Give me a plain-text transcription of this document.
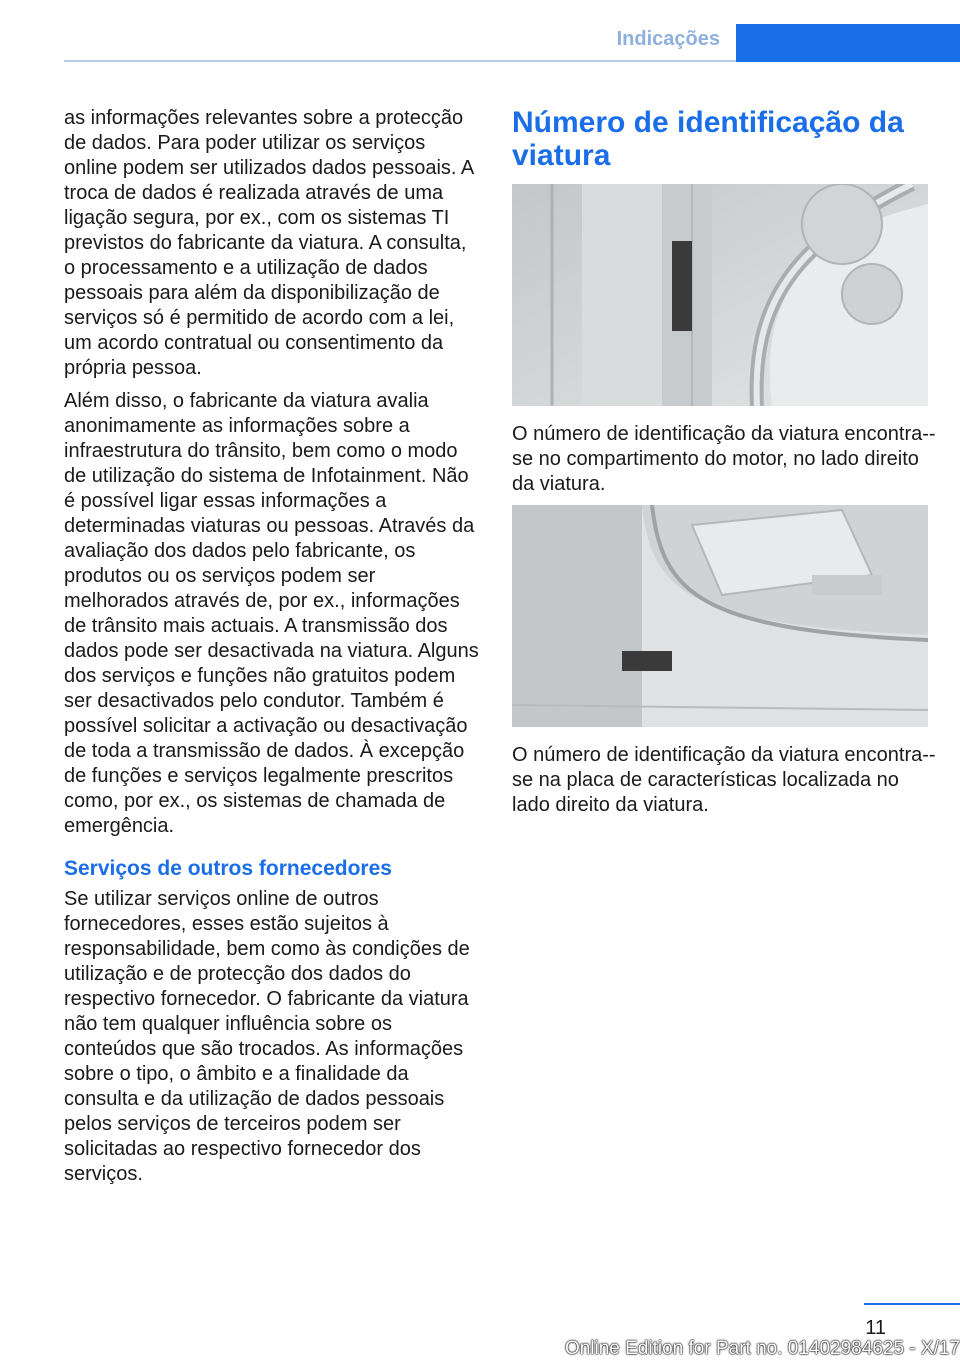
Indicações

as informações relevantes sobre a protecção de dados. Para poder utilizar os serviços online podem ser utilizados dados pessoais. A troca de dados é realizada através de uma ligação segura, por ex., com os sistemas TI previstos do fabricante da viatura. A consulta, o processamento e a utilização de dados pessoais para além da disponibilização de serviços só é permitido de acordo com a lei, um acordo contratual ou consentimento da própria pessoa.

Além disso, o fabricante da viatura avalia anonimamente as informações sobre a infraestrutura do trânsito, bem como o modo de utilização do sistema de Infotainment. Não é possível ligar essas informações a determinadas viaturas ou pessoas. Através da avaliação dos dados pelo fabricante, os produtos ou os serviços podem ser melhorados através de, por ex., informações de trânsito mais actuais. A transmissão dos dados pode ser desactivada na viatura. Alguns dos serviços e funções não gratuitos podem ser desactivados pelo condutor. Também é possível solicitar a activação ou desactivação de toda a transmissão de dados. À excepção de funções e serviços legalmente prescritos como, por ex., os sistemas de chamada de emergência.

Serviços de outros fornecedores

Se utilizar serviços online de outros fornecedores, esses estão sujeitos à responsabilidade, bem como às condições de utilização e de protecção dos dados do respectivo fornecedor. O fabricante da viatura não tem qualquer influência sobre os conteúdos que são trocados. As informações sobre o tipo, o âmbito e a finalidade da consulta e da utilização de dados pessoais pelos serviços de terceiros podem ser solicitadas ao respectivo fornecedor dos serviços.

Número de identificação da viatura

O número de identificação da viatura encontra--se no compartimento do motor, no lado direito da viatura.

O número de identificação da viatura encontra--se na placa de características localizada no lado direito da viatura.

11
Online Edition for Part no. 01402984625 - X/17
